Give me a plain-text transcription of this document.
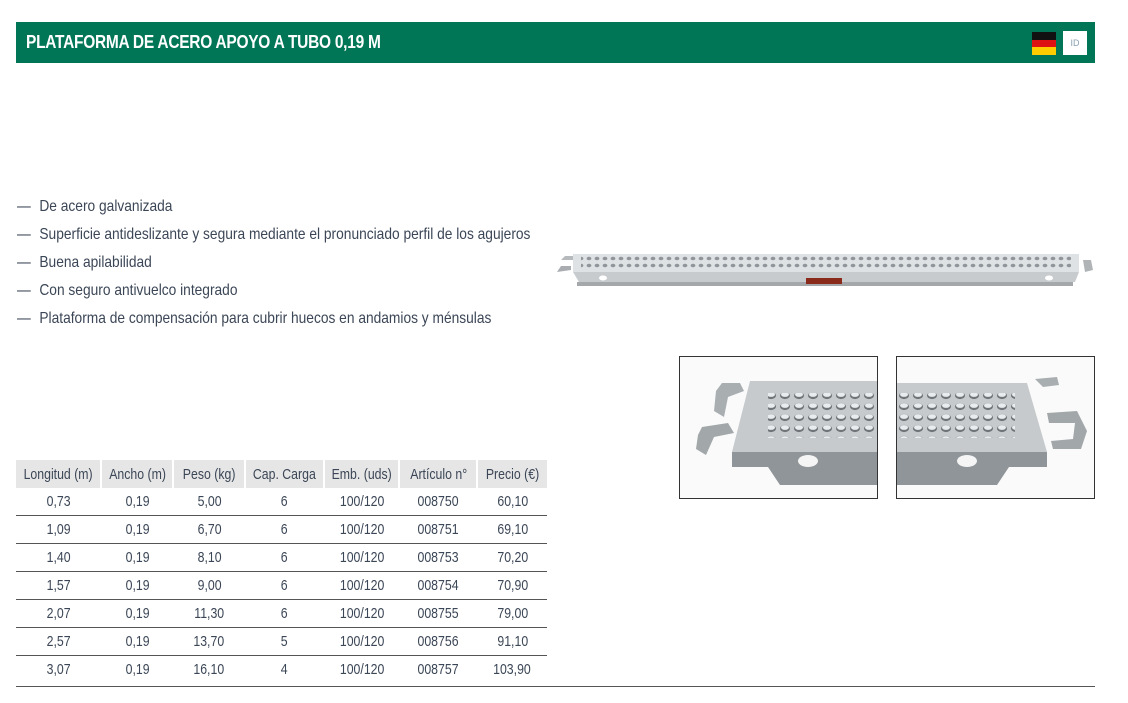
PLATAFORMA DE ACERO APOYO A TUBO 0,19 M	ID
— De acero galvanizada
— Superficie antideslizante y segura mediante el pronunciado perfil de los agujeros
— Buena apilabilidad
— Con seguro antivuelco integrado
— Plataforma de compensación para cubrir huecos en andamios y ménsulas
Longitud (m)	Ancho (m)	Peso (kg)	Cap. Carga	Emb. (uds)	Artículo n°	Precio (€)
0,73	0,19	5,00	6	100/120	008750	60,10
1,09	0,19	6,70	6	100/120	008751	69,10
1,40	0,19	8,10	6	100/120	008753	70,20
1,57	0,19	9,00	6	100/120	008754	70,90
2,07	0,19	11,30	6	100/120	008755	79,00
2,57	0,19	13,70	5	100/120	008756	91,10
3,07	0,19	16,10	4	100/120	008757	103,90
